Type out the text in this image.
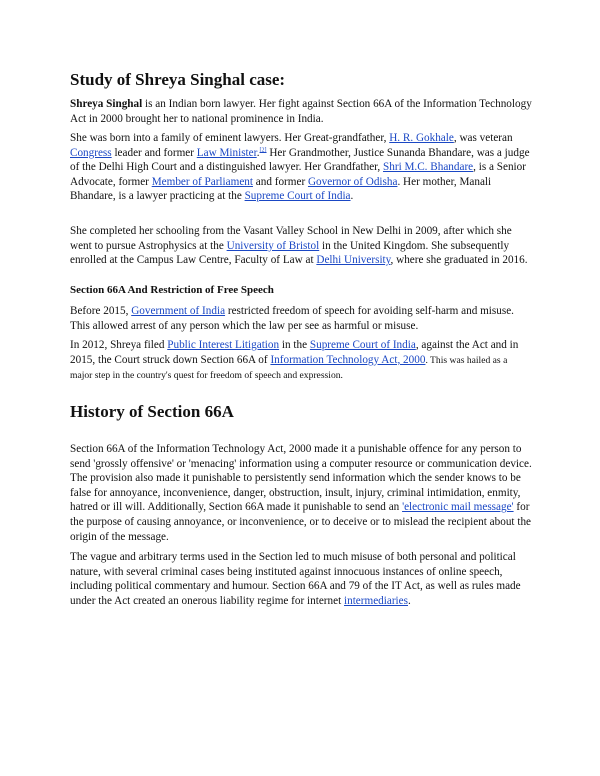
Study of Shreya Singhal case:

Shreya Singhal is an Indian born lawyer. Her fight against Section 66A of the Information Technology Act in 2000 brought her to national prominence in India.

She was born into a family of eminent lawyers. Her Great-grandfather, H. R. Gokhale, was veteran Congress leader and former Law Minister.[2] Her Grandmother, Justice Sunanda Bhandare, was a judge of the Delhi High Court and a distinguished lawyer. Her Grandfather, Shri M.C. Bhandare, is a Senior Advocate, former Member of Parliament and former Governor of Odisha. Her mother, Manali Bhandare, is a lawyer practicing at the Supreme Court of India.

She completed her schooling from the Vasant Valley School in New Delhi in 2009, after which she went to pursue Astrophysics at the University of Bristol in the United Kingdom. She subsequently enrolled at the Campus Law Centre, Faculty of Law at Delhi University, where she graduated in 2016.

Section 66A And Restriction of Free Speech

Before 2015, Government of India restricted freedom of speech for avoiding self-harm and misuse. This allowed arrest of any person which the law per see as harmful or misuse.

In 2012, Shreya filed Public Interest Litigation in the Supreme Court of India, against the Act and in 2015, the Court struck down Section 66A of Information Technology Act, 2000. This was hailed as a major step in the country's quest for freedom of speech and expression.

History of Section 66A

Section 66A of the Information Technology Act, 2000 made it a punishable offence for any person to send 'grossly offensive' or 'menacing' information using a computer resource or communication device. The provision also made it punishable to persistently send information which the sender knows to be false for annoyance, inconvenience, danger, obstruction, insult, injury, criminal intimidation, enmity, hatred or ill will. Additionally, Section 66A made it punishable to send an 'electronic mail message' for the purpose of causing annoyance, or inconvenience, or to deceive or to mislead the recipient about the origin of the message.

The vague and arbitrary terms used in the Section led to much misuse of both personal and political nature, with several criminal cases being instituted against innocuous instances of online speech, including political commentary and humour. Section 66A and 79 of the IT Act, as well as rules made under the Act created an onerous liability regime for internet intermediaries.
